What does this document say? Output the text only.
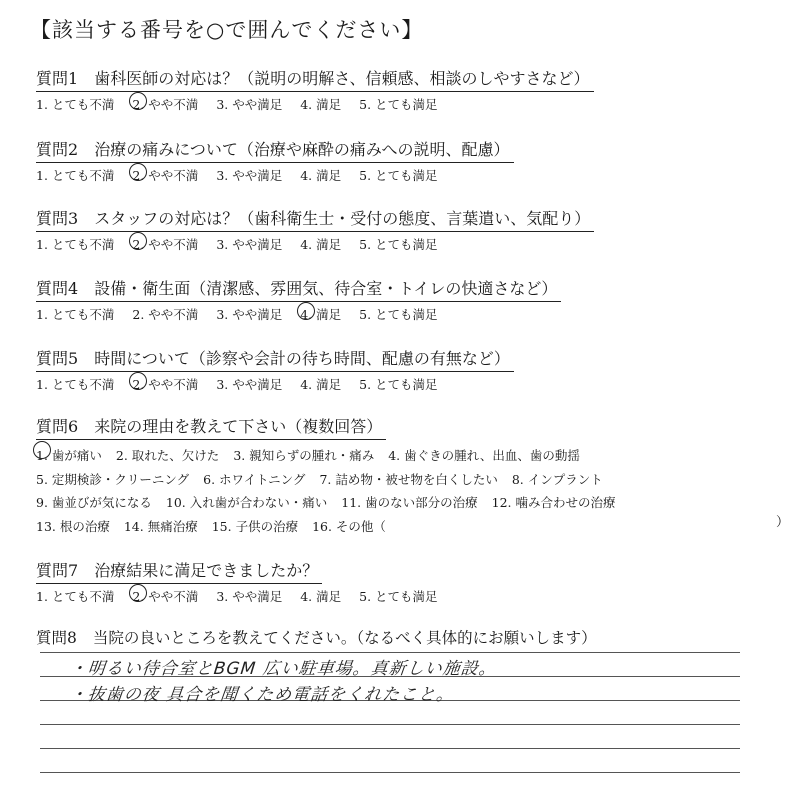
【該当する番号を○で囲んでください】
質問1 歯科医師の対応は？（説明の明解さ、信頼感、相談のしやすさなど）
1. とても不満 2. やや不満 3. やや満足 4. 満足 5. とても満足
質問2 治療の痛みについて（治療や麻酔の痛みへの説明、配慮）
1. とても不満 2. やや不満 3. やや満足 4. 満足 5. とても満足
質問3 スタッフの対応は？（歯科衛生士・受付の態度、言葉遣い、気配り）
1. とても不満 2. やや不満 3. やや満足 4. 満足 5. とても満足
質問4 設備・衛生面（清潔感、雰囲気、待合室・トイレの快適さなど）
1. とても不満 2. やや不満 3. やや満足 4. 満足 5. とても満足
質問5 時間について（診察や会計の待ち時間、配慮の有無など）
1. とても不満 2. やや不満 3. やや満足 4. 満足 5. とても満足
質問6 来院の理由を教えて下さい（複数回答）
1. 歯が痛い 2. 取れた、欠けた 3. 親知らずの腫れ・痛み 4. 歯ぐきの腫れ、出血、歯の動揺
5. 定期検診・クリーニング 6. ホワイトニング 7. 詰め物・被せ物を白くしたい 8. インプラント
9. 歯並びが気になる 10. 入れ歯が合わない・痛い 11. 歯のない部分の治療 12. 噛み合わせの治療
13. 根の治療 14. 無痛治療 15. 子供の治療 16. その他（	）
質問7 治療結果に満足できましたか？
1. とても不満 2. やや不満 3. やや満足 4. 満足 5. とても満足
質問8 当院の良いところを教えてください。（なるべく具体的にお願いします）
・明るい待合室とBGM 広い駐車場。真新しい施設。
・抜歯の夜 具合を聞くため電話をくれたこと。
